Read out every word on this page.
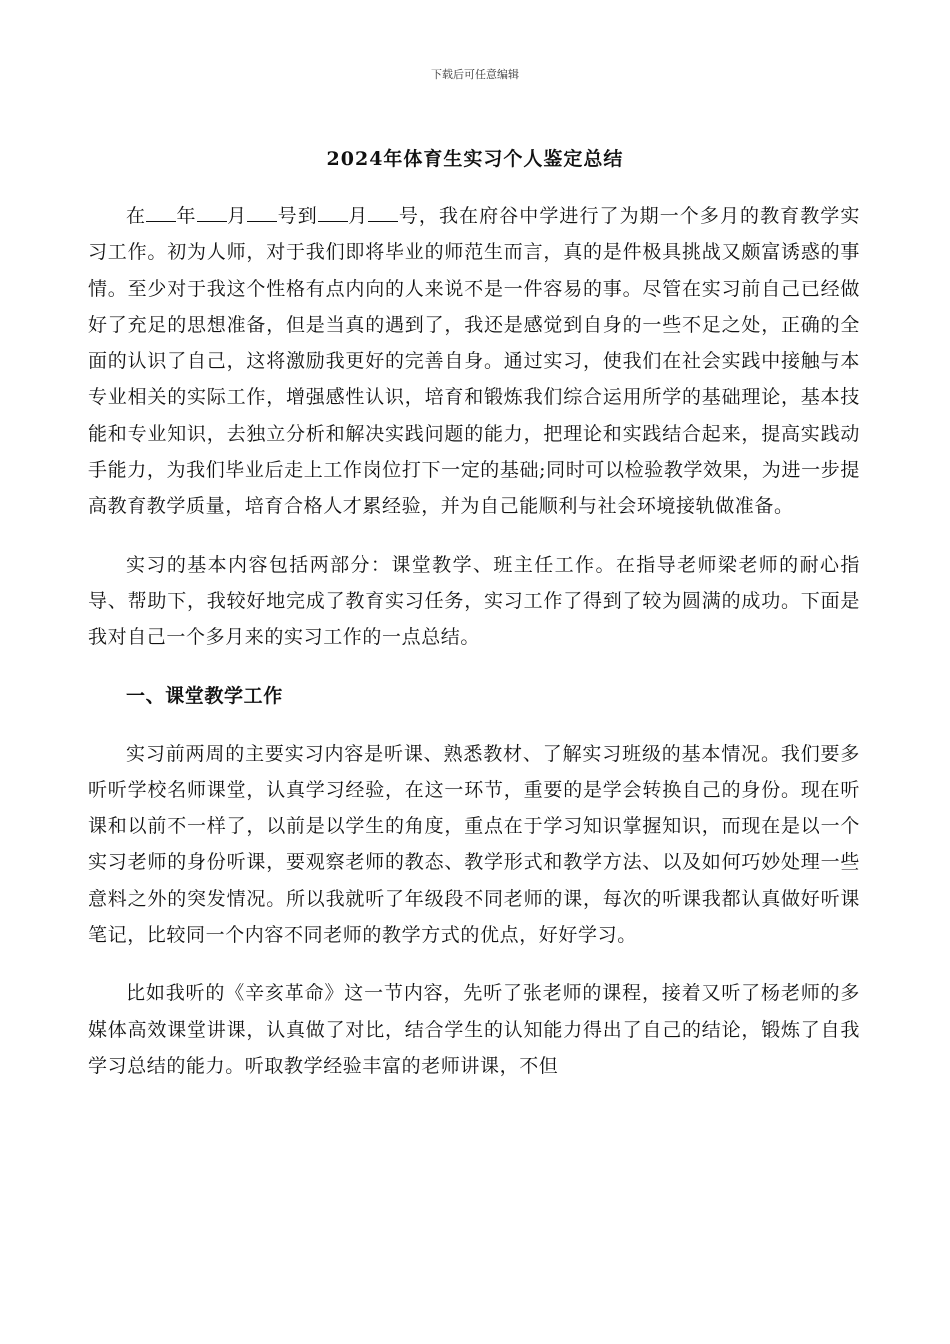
下载后可任意编辑
2024年体育生实习个人鉴定总结

在 年 月 号到 月 号，我在府谷中学进行了为期一个多月的教育教学实习工作。初为人师，对于我们即将毕业的师范生而言，真的是件极具挑战又颇富诱惑的事情。至少对于我这个性格有点内向的人来说不是一件容易的事。尽管在实习前自己已经做好了充足的思想准备，但是当真的遇到了，我还是感觉到自身的一些不足之处，正确的全面的认识了自己，这将激励我更好的完善自身。通过实习，使我们在社会实践中接触与本专业相关的实际工作，增强感性认识，培育和锻炼我们综合运用所学的基础理论，基本技能和专业知识，去独立分析和解决实践问题的能力，把理论和实践结合起来，提高实践动手能力，为我们毕业后走上工作岗位打下一定的基础;同时可以检验教学效果，为进一步提高教育教学质量，培育合格人才累经验，并为自己能顺利与社会环境接轨做准备。

实习的基本内容包括两部分：课堂教学、班主任工作。在指导老师梁老师的耐心指导、帮助下，我较好地完成了教育实习任务，实习工作了得到了较为圆满的成功。下面是我对自己一个多月来的实习工作的一点总结。

一、课堂教学工作

实习前两周的主要实习内容是听课、熟悉教材、了解实习班级的基本情况。我们要多听听学校名师课堂，认真学习经验，在这一环节，重要的是学会转换自己的身份。现在听课和以前不一样了，以前是以学生的角度，重点在于学习知识掌握知识，而现在是以一个实习老师的身份听课，要观察老师的教态、教学形式和教学方法、以及如何巧妙处理一些意料之外的突发情况。所以我就听了年级段不同老师的课，每次的听课我都认真做好听课笔记，比较同一个内容不同老师的教学方式的优点，好好学习。

比如我听的《辛亥革命》这一节内容，先听了张老师的课程，接着又听了杨老师的多媒体高效课堂讲课，认真做了对比，结合学生的认知能力得出了自己的结论，锻炼了自我学习总结的能力。听取教学经验丰富的老师讲课，不但
